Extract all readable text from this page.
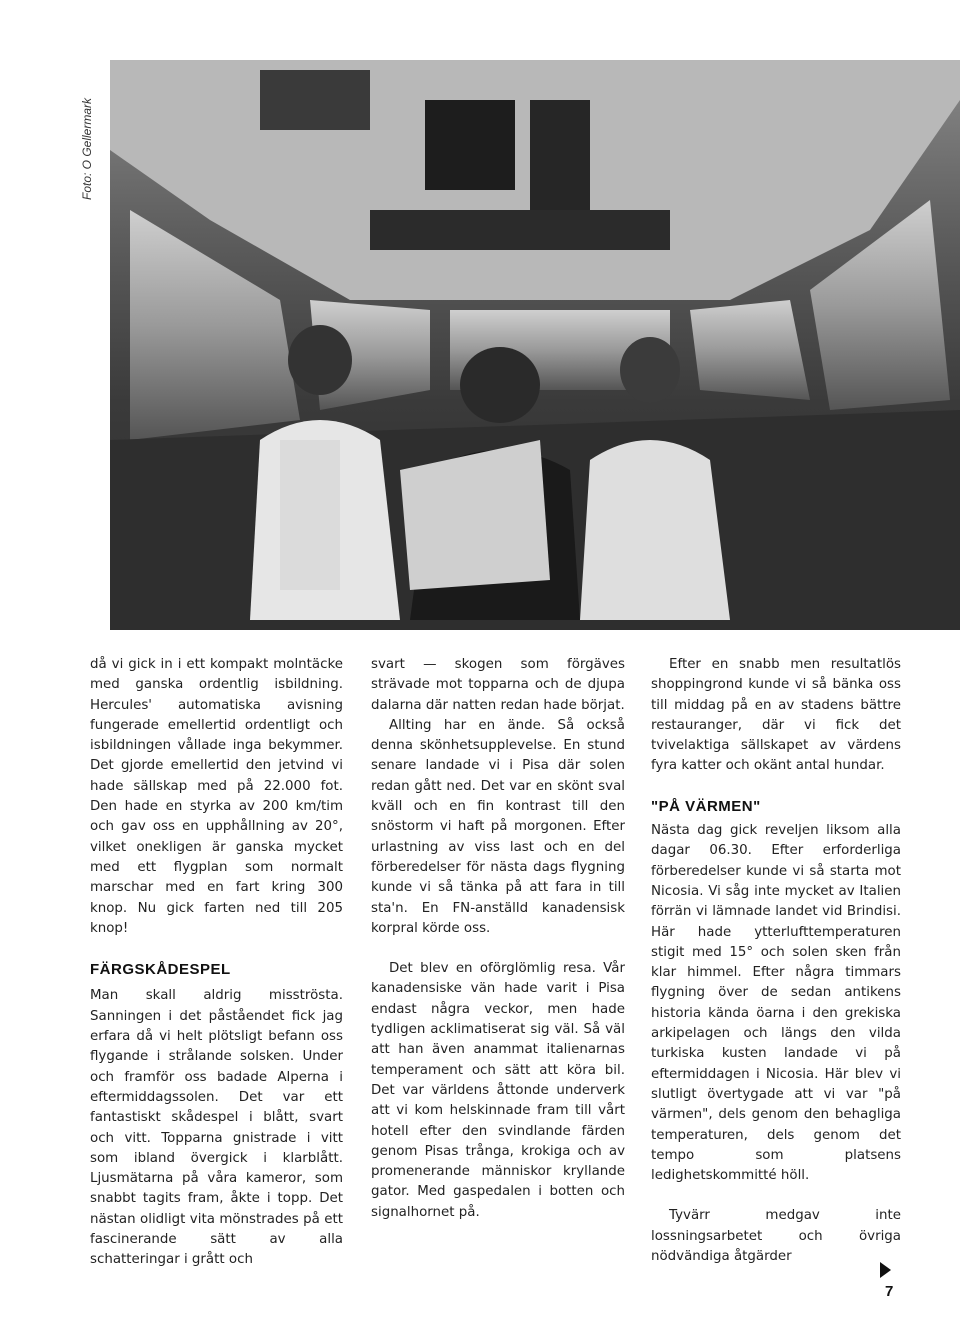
Foto: O Gellermark

då vi gick in i ett kompakt molntäcke med ganska ordentlig isbildning. Hercules' automatiska avisning fungerade emellertid ordentligt och isbildningen vållade inga bekymmer. Det gjorde emellertid den jetvind vi hade sällskap med på 22.000 fot. Den hade en styrka av 200 km/tim och gav oss en upphållning av 20°, vilket onekligen är ganska mycket med ett flygplan som normalt marschar med en fart kring 300 knop. Nu gick farten ned till 205 knop!

FÄRGSKÅDESPEL

Man skall aldrig misströsta. Sanningen i det påståendet fick jag erfara då vi helt plötsligt befann oss flygande i strålande solsken. Under och framför oss badade Alperna i eftermiddagssolen. Det var ett fantastiskt skådespel i blått, svart och vitt. Topparna gnistrade i vitt som ibland övergick i klarblått. Ljusmätarna på våra kameror, som snabbt tagits fram, åkte i topp. Det nästan olidligt vita mönstrades på ett fascinerande sätt av alla schatteringar i grått och

svart — skogen som förgäves strävade mot topparna och de djupa dalarna där natten redan hade börjat.

Allting har en ände. Så också denna skönhetsupplevelse. En stund senare landade vi i Pisa där solen redan gått ned. Det var en skönt sval kväll och en fin kontrast till den snöstorm vi haft på morgonen. Efter urlastning av viss last och en del förberedelser för nästa dags flygning kunde vi så tänka på att fara in till sta'n. En FN-anställd kanadensisk korpral körde oss.

Det blev en oförglömlig resa. Vår kanadensiske vän hade varit i Pisa endast några veckor, men hade tydligen acklimatiserat sig väl. Så väl att han även anammat italienarnas temperament och sätt att köra bil. Det var världens åttonde underverk att vi kom helskinnade fram till vårt hotell efter den svindlande färden genom Pisas trånga, krokiga och av promenerande människor kryllande gator. Med gaspedalen i botten och signalhornet på.

Efter en snabb men resultatlös shoppingrond kunde vi så bänka oss till middag på en av stadens bättre restauranger, där vi fick det tvivelaktiga sällskapet av värdens fyra katter och okänt antal hundar.

"PÅ VÄRMEN"

Nästa dag gick reveljen liksom alla dagar 06.30. Efter erforderliga förberedelser kunde vi så starta mot Nicosia. Vi såg inte mycket av Italien förrän vi lämnade landet vid Brindisi. Här hade ytterlufttemperaturen stigit med 15° och solen sken från klar himmel. Efter några timmars flygning över de sedan antikens historia kända öarna i den grekiska arkipelagen och längs den vilda turkiska kusten landade vi på eftermiddagen i Nicosia. Här blev vi slutligt övertygade att vi var "på värmen", dels genom den behagliga temperaturen, dels genom det tempo som platsens ledighetskommitté höll.

Tyvärr medgav inte lossningsarbetet och övriga nödvändiga åtgärder

7
